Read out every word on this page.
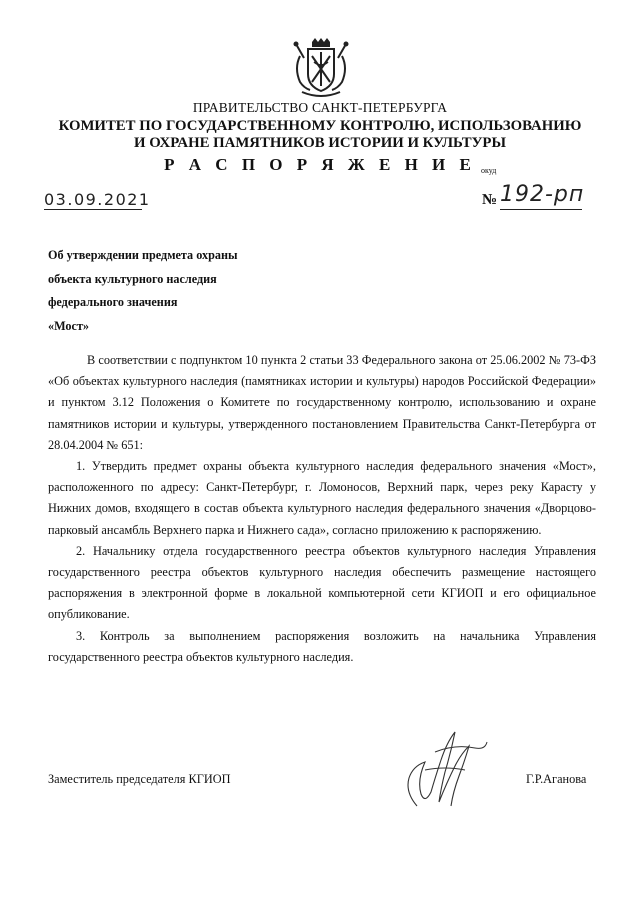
ПРАВИТЕЛЬСТВО САНКТ-ПЕТЕРБУРГА
КОМИТЕТ ПО ГОСУДАРСТВЕННОМУ КОНТРОЛЮ, ИСПОЛЬЗОВАНИЮ
И ОХРАНЕ ПАМЯТНИКОВ ИСТОРИИ И КУЛЬТУРЫ
Р А С П О Р Я Ж Е Н И Е окуд
03.09.2021	№ 192-рп
Об утверждении предмета охраны
объекта культурного наследия
федерального значения
«Мост»

В соответствии с подпунктом 10 пункта 2 статьи 33 Федерального закона от 25.06.2002 № 73-ФЗ «Об объектах культурного наследия (памятниках истории и культуры) народов Российской Федерации» и пунктом 3.12 Положения о Комитете по государственному контролю, использованию и охране памятников истории и культуры, утвержденного постановлением Правительства Санкт-Петербурга от 28.04.2004 № 651:

1. Утвердить предмет охраны объекта культурного наследия федерального значения «Мост», расположенного по адресу: Санкт-Петербург, г. Ломоносов, Верхний парк, через реку Карасту у Нижних домов, входящего в состав объекта культурного наследия федерального значения «Дворцово-парковый ансамбль Верхнего парка и Нижнего сада», согласно приложению к распоряжению.

2. Начальнику отдела государственного реестра объектов культурного наследия Управления государственного реестра объектов культурного наследия обеспечить размещение настоящего распоряжения в электронной форме в локальной компьютерной сети КГИОП и его официальное опубликование.

3. Контроль за выполнением распоряжения возложить на начальника Управления государственного реестра объектов культурного наследия.

Заместитель председателя КГИОП	Г.Р.Аганова
